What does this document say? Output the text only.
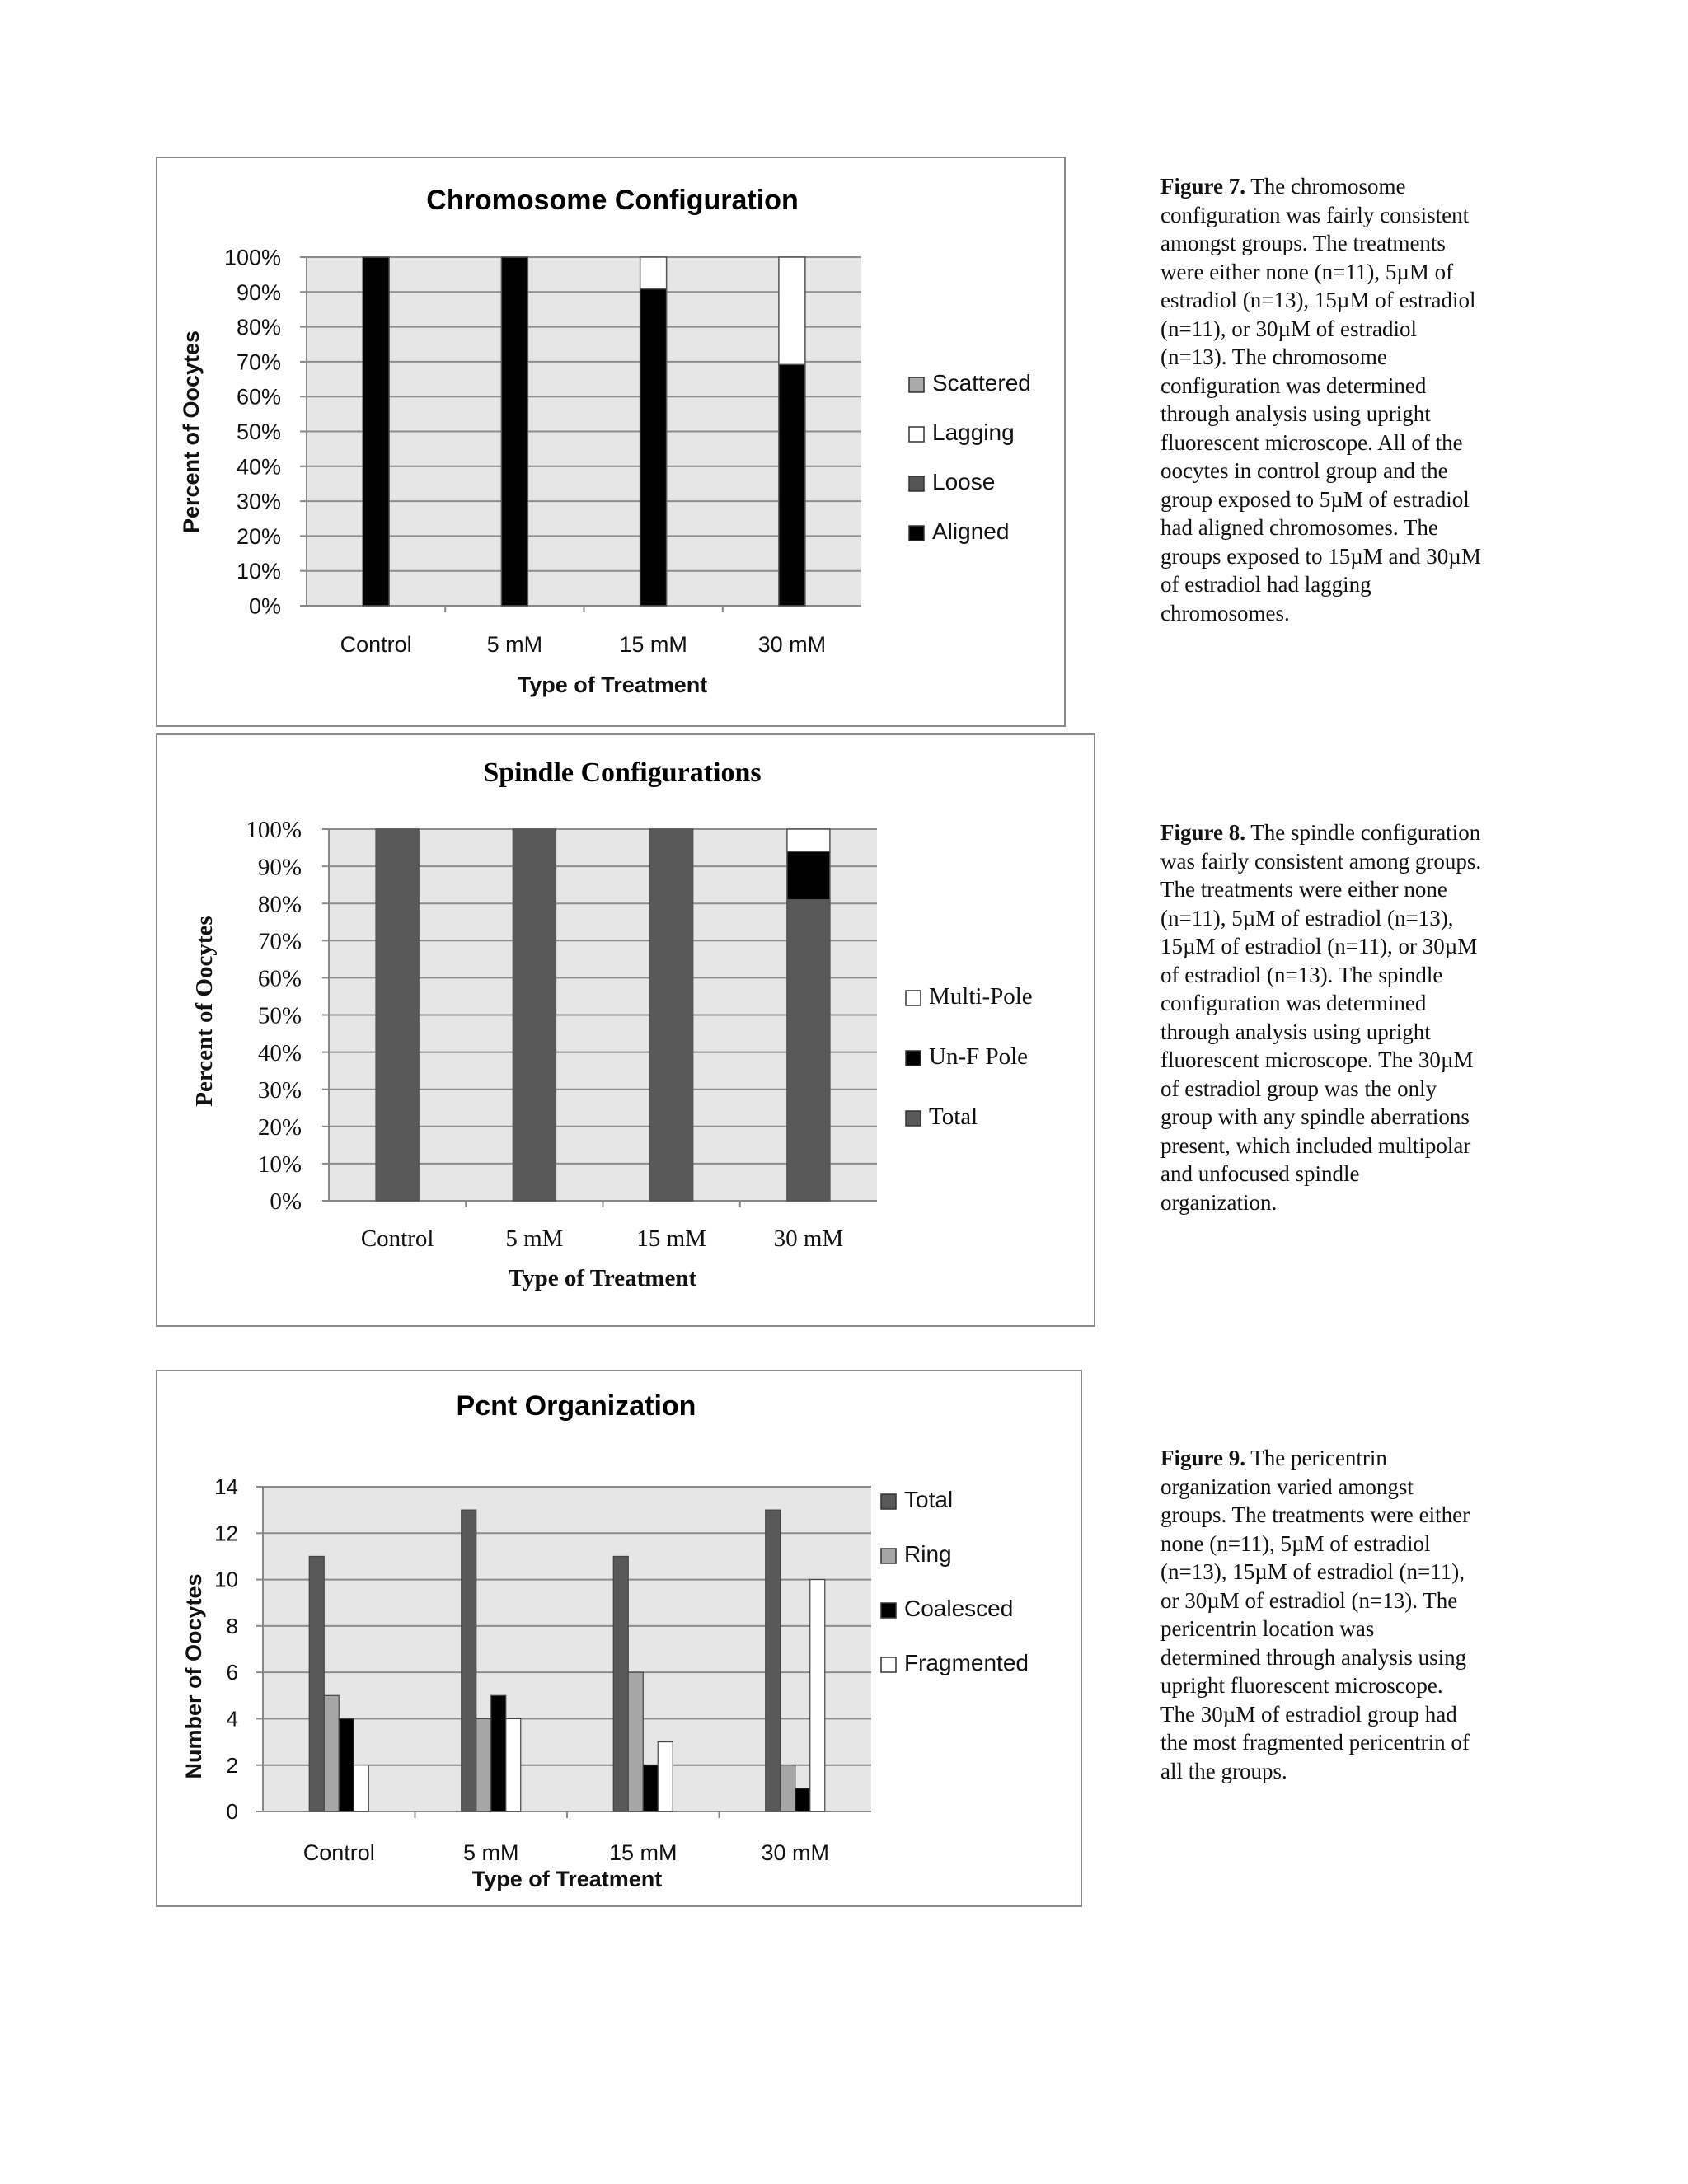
Chromosome Configuration
0%
10%
20%
30%
40%
50%
60%
70%
80%
90%
100%
Control	5 mM	15 mM	30 mM
Type of Treatment
Percent of Oocytes	Scattered
Lagging
Loose
Aligned
Figure 7. The chromosome
configuration was fairly consistent
amongst groups. The treatments
were either none (n=11), 5µM of
estradiol (n=13), 15µM of estradiol
(n=11), or 30µM of estradiol
(n=13). The chromosome
configuration was determined
through analysis using upright
fluorescent microscope. All of the
oocytes in control group and the
group exposed to 5µM of estradiol
had aligned chromosomes. The
groups exposed to 15µM and 30µM
of estradiol had lagging
chromosomes.
Spindle Configurations
0%
10%
20%
30%
40%
50%
60%
70%
80%
90%
100%
Control	5 mM	15 mM	30 mM
Type of Treatment
Percent of Oocytes	Multi-Pole
Un-F Pole
Total
Figure 8. The spindle configuration
was fairly consistent among groups.
The treatments were either none
(n=11), 5µM of estradiol (n=13),
15µM of estradiol (n=11), or 30µM
of estradiol (n=13). The spindle
configuration was determined
through analysis using upright
fluorescent microscope. The 30µM
of estradiol group was the only
group with any spindle aberrations
present, which included multipolar
and unfocused spindle
organization.
Pcnt Organization
0
2
4
6
8
10
12
14
Control	5 mM	15 mM	30 mM
Type of Treatment
Number of Oocytes
Total
Ring
Coalesced
Fragmented
Figure 9. The pericentrin
organization varied amongst
groups. The treatments were either
none (n=11), 5µM of estradiol
(n=13), 15µM of estradiol (n=11),
or 30µM of estradiol (n=13). The
pericentrin location was
determined through analysis using
upright fluorescent microscope.
The 30µM of estradiol group had
the most fragmented pericentrin of
all the groups.
